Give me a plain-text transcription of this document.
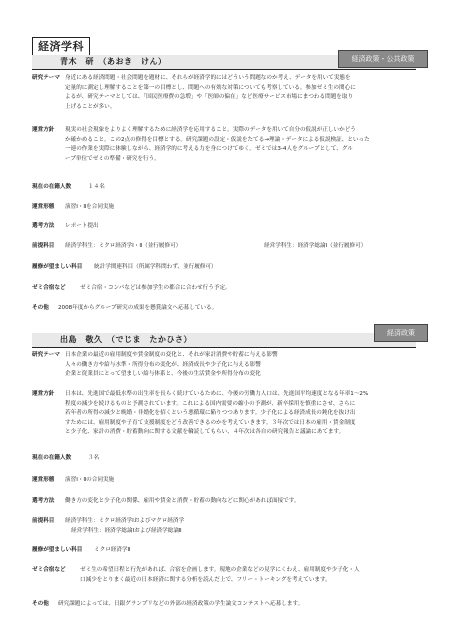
経済学科
青木　研　（あおき　けん）	経済政策・公共政策
研究テーマ 身近にある経済問題・社会問題を題材に、それらが経済学的にはどういう問題なのか考え、データを用いて実態を
定量的に測定し理解することを第一の目標とし、問題への有効な対策についても考察している。参加ゼミ生の関心に
よるが、研究テーマとしては、「国民医療費の急増」や「医師の偏在」など医療サービス市場にまつわる問題を取り
上げることが多い。
運営方針 現実の社会現象をよりよく理解するために経済学を応用すること。実際のデータを用いて自分の仮説が正しいかどう
か確かめること。この2点の修得を目標とする。研究課題の設定・仮説をたてる→理論・データによる仮説検証、といった
一連の作業を実際に体験しながら、経済学的に考える力を身につけてゆく。ゼミでは3-4人をグループとして、グル
ープ単位でゼミの準備・研究を行う。
現在の在籍人数	１４名
運営形態 演習Ⅰ・Ⅱを合同実施
選考方法 レポート提出
前提科目 経済学科生：ミクロ経済学Ⅰ・Ⅱ（並行履修可）	経営学科生：経済学総論Ⅰ（並行履修可）
履修が望ましい科目 統計学関連科目（所属学科問わず、並行履修可）
ゼミ合宿など	ゼミ合宿・コンパなどは参加学生の都合に合わせ行う予定。
その他 2008年度からグループ研究の成果を懸賞論文へ応募している。
出島　敬久　（でじま　たかひさ）
経済政策
研究テーマ 日本企業の最近の雇用制度や賃金制度の変化と、それが家計消費や貯蓄に与える影響
人々の働き方や給与水準・所得分布の変化が、経済成長や少子化に与える影響
企業と従業員にとって望ましい給与体系と、今後の生活賃金や所得分布の変化
運営方針 日本は、先進国で最低水準の出生率を長らく続けているために、今後の労働力人口は、先進国平均速度となる年率1〜2%
程度の減少を続けるものと予測されています。これによる国内需要の縮小の予測が、新卒採用を慎重にさせ、さらに
若年者の所得の減少と晩婚・非婚化を招くという悪循環に陥りつつあります。少子化による経済成長の鈍化を抜け出
すためには、雇用制度や子育て支援制度をどう改善できるのかを考えていきます。３年次では日本の雇用・賃金制度
と少子化、家計の消費・貯蓄動向に関する文献を輪読してもらい、４年次は各自の研究報告と議論にあてます。
現在の在籍人数	３名
運営形態 演習Ⅰ・Ⅱの合同実施
選考方法 働き方の変化と少子化の関係、雇用や賃金と消費・貯蓄の動向などに関心があれば面接です。
前提科目 経済学科生：ミクロ経済学Ⅰおよびマクロ経済学
経営学科生：経済学総論Ⅰおよび経済学総論Ⅱ
履修が望ましい科目 ミクロ経済学Ⅱ
ゼミ合宿など	ゼミ生の希望日程と行先があれば、合宿を企画します。現地の企業などの見学にくわえ、雇用制度や少子化・人
口減少をとりまく最近の日本経済に関する分析を読んだ上で、フリー・トーキングを考えています。
その他 研究課題によっては、日銀グランプリなどの外部の経済政策の学生論文コンテストへ応募します。
